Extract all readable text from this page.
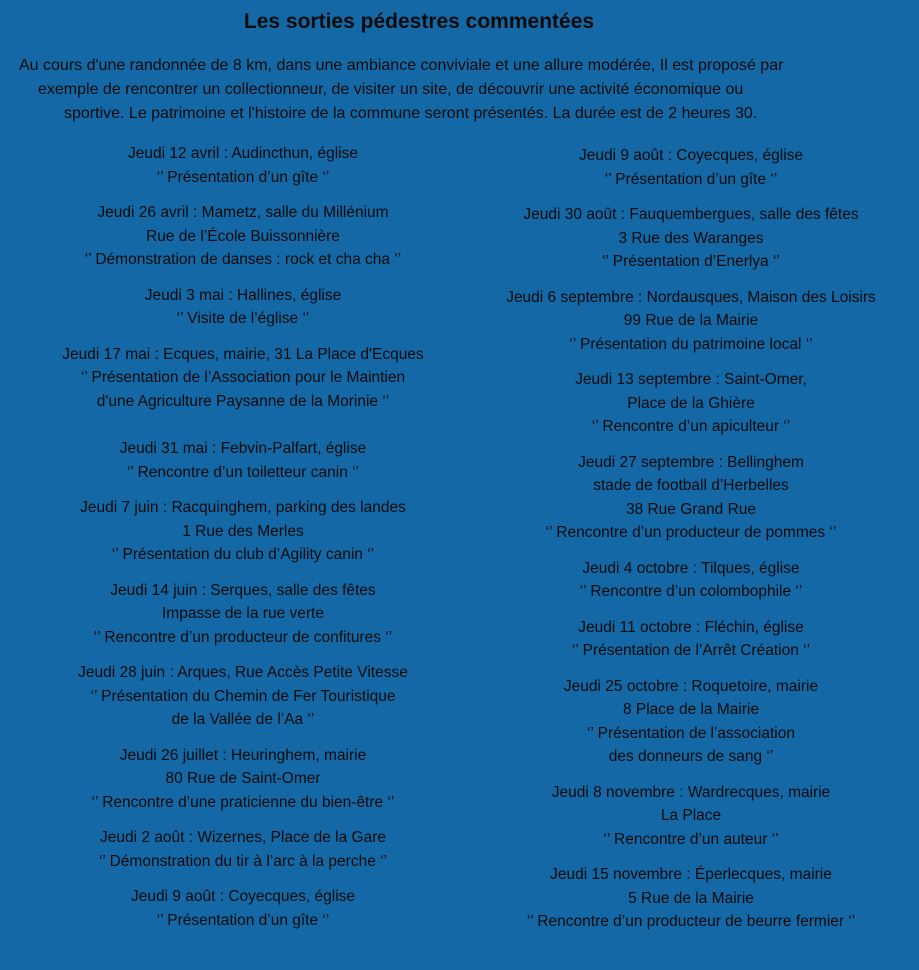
Les sorties pédestres commentées
Au cours d'une randonnée de 8 km, dans une ambiance conviviale et une allure modérée, Il est proposé par
exemple de rencontrer un collectionneur, de visiter un site, de découvrir une activité économique ou
sportive. Le patrimoine et l'histoire de la commune seront présentés. La durée est de 2 heures 30.
Jeudi 12 avril : Audincthun, église
‘’ Présentation d’un gîte ‘’
Jeudi 26 avril : Mametz, salle du Millénium
Rue de l’École Buissonnière
‘’ Démonstration de danses : rock et cha cha ‘’
Jeudi 3 mai : Hallines, église
‘’ Visite de l’église ‘’
Jeudi 17 mai : Ecques, mairie, 31 La Place d'Ecques
‘’ Présentation de l’Association pour le Maintien
d'une Agriculture Paysanne de la Morinie ‘’
Jeudi 31 mai : Febvin-Palfart, église
‘’ Rencontre d’un toiletteur canin ‘’
Jeudi 7 juin : Racquinghem, parking des landes
1 Rue des Merles
‘’ Présentation du club d’Agility canin ‘’
Jeudi 14 juin : Serques, salle des fêtes
Impasse de la rue verte
‘’ Rencontre d’un producteur de confitures ‘’
Jeudi 28 juin : Arques, Rue Accès Petite Vitesse
‘’ Présentation du Chemin de Fer Touristique
de la Vallée de l’Aa ‘’
Jeudi 26 juillet : Heuringhem, mairie
80 Rue de Saint-Omer
‘’ Rencontre d’une praticienne du bien-être ‘’
Jeudi 2 août : Wizernes, Place de la Gare
‘’ Démonstration du tir à l’arc à la perche ‘’
Jeudi 9 août : Coyecques, église
‘’ Présentation d’un gîte ‘’
Jeudi 9 août : Coyecques, église
‘’ Présentation d’un gîte ‘’
Jeudi 30 août : Fauquembergues, salle des fêtes
3 Rue des Waranges
‘’ Présentation d’Enerlya ‘’
Jeudi 6 septembre : Nordausques, Maison des Loisirs
99 Rue de la Mairie
‘’ Présentation du patrimoine local ‘’
Jeudi 13 septembre : Saint-Omer,
Place de la Ghière
‘’ Rencontre d’un apiculteur ‘’
Jeudi 27 septembre : Bellinghem
stade de football d’Herbelles
38 Rue Grand Rue
‘’ Rencontre d’un producteur de pommes ‘’
Jeudi 4 octobre : Tilques, église
‘’ Rencontre d’un colombophile ‘’
Jeudi 11 octobre : Fléchin, église
‘’ Présentation de l’Arrêt Création ‘’
Jeudi 25 octobre : Roquetoire, mairie
8 Place de la Mairie
‘’ Présentation de l’association
des donneurs de sang ‘’
Jeudi 8 novembre : Wardrecques, mairie
La Place
‘’ Rencontre d’un auteur ‘’
Jeudi 15 novembre : Éperlecques, mairie
5 Rue de la Mairie
‘’ Rencontre d’un producteur de beurre fermier ‘’
